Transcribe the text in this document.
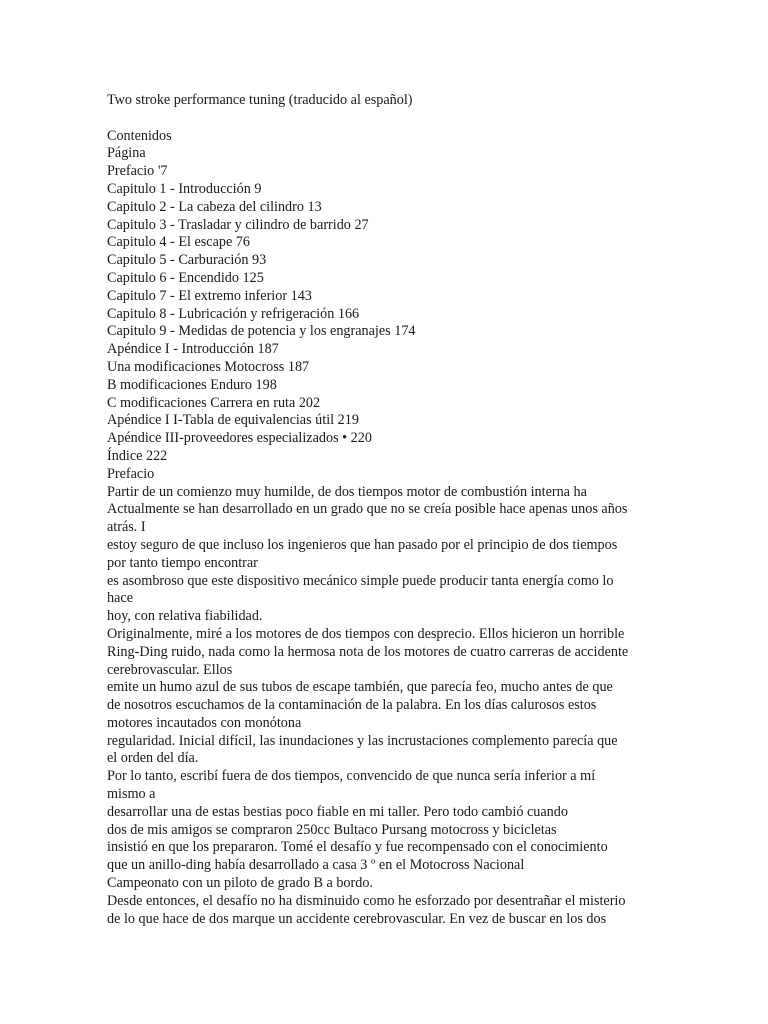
Two stroke performance tuning (traducido al español)

Contenidos

Página

Prefacio '7

Capitulo 1 - Introducción 9

Capitulo 2 - La cabeza del cilindro 13

Capitulo 3 - Trasladar y cilindro de barrido 27

Capitulo 4 - El escape 76

Capitulo 5 - Carburación 93

Capitulo 6 - Encendido 125

Capitulo 7 - El extremo inferior 143

Capitulo 8 - Lubricación y refrigeración 166

Capitulo 9 - Medidas de potencia y los engranajes 174

Apéndice I - Introducción 187

Una modificaciones Motocross 187

B modificaciones Enduro 198

C modificaciones Carrera en ruta 202

Apéndice I I-Tabla de equivalencias útil 219

Apéndice III-proveedores especializados • 220

Índice 222

Prefacio

Partir de un comienzo muy humilde, de dos tiempos motor de combustión interna ha

Actualmente se han desarrollado en un grado que no se creía posible hace apenas unos años

atrás. I

estoy seguro de que incluso los ingenieros que han pasado por el principio de dos tiempos

por tanto tiempo encontrar

es asombroso que este dispositivo mecánico simple puede producir tanta energía como lo

hace

hoy, con relativa fiabilidad.

Originalmente, miré a los motores de dos tiempos con desprecio. Ellos hicieron un horrible

Ring-Ding ruido, nada como la hermosa nota de los motores de cuatro carreras de accidente

cerebrovascular. Ellos

emite un humo azul de sus tubos de escape también, que parecía feo, mucho antes de que

de nosotros escuchamos de la contaminación de la palabra. En los días calurosos estos

motores incautados con monótona

regularidad. Inicial difícil, las inundaciones y las incrustaciones complemento parecía que

el orden del día.

Por lo tanto, escribí fuera de dos tiempos, convencido de que nunca sería inferior a mí

mismo a

desarrollar una de estas bestias poco fiable en mi taller. Pero todo cambió cuando

dos de mis amigos se compraron 250cc Bultaco Pursang motocross y bicicletas

insistió en que los prepararon. Tomé el desafío y fue recompensado con el conocimiento

que un anillo-ding había desarrollado a casa 3 º en el Motocross Nacional

Campeonato con un piloto de grado B a bordo.

Desde entonces, el desafío no ha disminuido como he esforzado por desentrañar el misterio

de lo que hace de dos marque un accidente cerebrovascular. En vez de buscar en los dos
